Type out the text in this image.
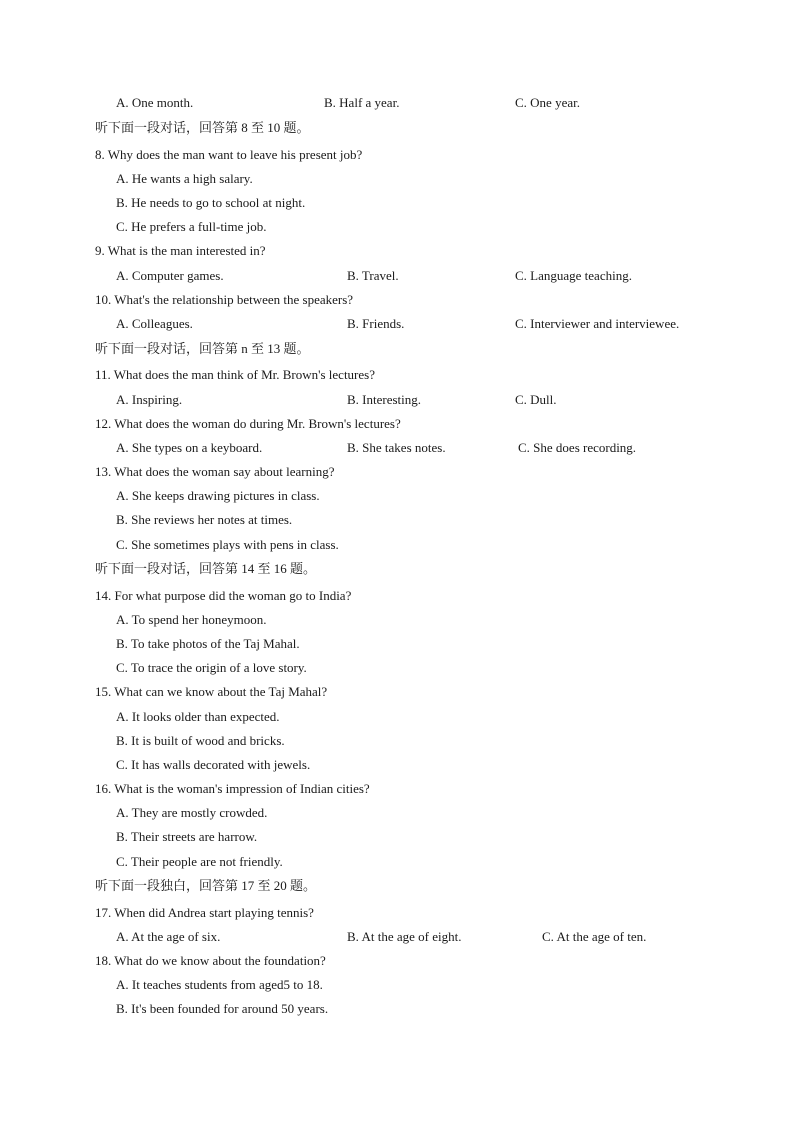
A. One month.	B. Half a year.	C. One year.
听下面一段对话，回答第 8 至 10 题。
8. Why does the man want to leave his present job?
A. He wants a high salary.
B. He needs to go to school at night.
C. He prefers a full-time job.
9. What is the man interested in?
A. Computer games.	B. Travel.	C. Language teaching.
10. What's the relationship between the speakers?
A. Colleagues.	B. Friends.	C. Interviewer and interviewee.
听下面一段对话，回答第 n 至 13 题。
11. What does the man think of Mr. Brown's lectures?
A. Inspiring.	B. Interesting.	C. Dull.
12. What does the woman do during Mr. Brown's lectures?
A. She types on a keyboard.	B. She takes notes.	C. She does recording.
13. What does the woman say about learning?
A. She keeps drawing pictures in class.
B. She reviews her notes at times.
C. She sometimes plays with pens in class.
听下面一段对话，回答第 14 至 16 题。
14. For what purpose did the woman go to India?
A. To spend her honeymoon.
B. To take photos of the Taj Mahal.
C. To trace the origin of a love story.
15. What can we know about the Taj Mahal?
A. It looks older than expected.
B. It is built of wood and bricks.
C. It has walls decorated with jewels.
16. What is the woman's impression of Indian cities?
A. They are mostly crowded.
B. Their streets are harrow.
C. Their people are not friendly.
听下面一段独白，回答第 17 至 20 题。
17. When did Andrea start playing tennis?
A. At the age of six.	B. At the age of eight.	C. At the age of ten.
18. What do we know about the foundation?
A. It teaches students from aged5 to 18.
B. It's been founded for around 50 years.
